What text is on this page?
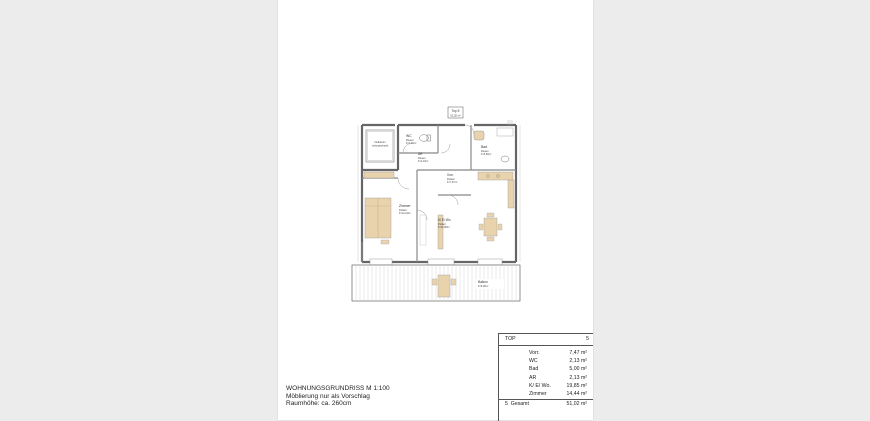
Top 5
51,02 m²
Notkamin
Leitungsschacht
WC
Fliesen
F=2,13m²
AR
Fliesen
F=2,13m²
Bad
Fliesen
F=5,00m²
Vorr.
Parkett
F=7,47m²
K/ E/ Wo
Parkett
F=19,85m²
Zimmer
Parkett
F=14,44m²
Balkon
F=9,18m²
WOHNUNGSGRUNDRISS M 1:100
Möblierung nur als Vorschlag
Raumhöhe: ca. 260cm
TOP	5
Vorr.	7,47 m²
WC	2,13 m²
Bad	5,00 m²
AR	2,13 m²
K/ E/ Wo.	19,85 m²
Zimmer	14,44 m²
5 Gesamt	51,02 m²
